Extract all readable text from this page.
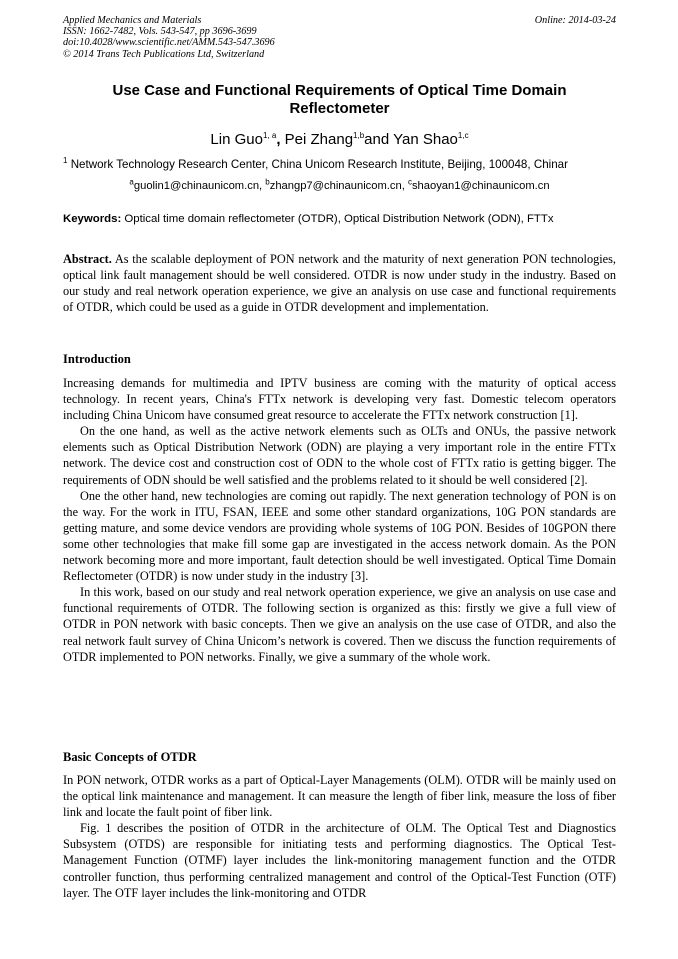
Applied Mechanics and Materials
ISSN: 1662-7482, Vols. 543-547, pp 3696-3699
doi:10.4028/www.scientific.net/AMM.543-547.3696
© 2014 Trans Tech Publications Ltd, Switzerland
Online: 2014-03-24
Use Case and Functional Requirements of Optical Time Domain Reflectometer
Lin Guo$^{1, a}$, Pei Zhang$^{1,b}$and Yan Shao$^{1,c}$
$^1$ Network Technology Research Center, China Unicom Research Institute, Beijing, 100048, Chinar
$^a$guolin1@chinaunicom.cn, $^b$zhangp7@chinaunicom.cn, $^c$shaoyan1@chinaunicom.cn
Keywords: Optical time domain reflectometer (OTDR), Optical Distribution Network (ODN), FTTx

Abstract. As the scalable deployment of PON network and the maturity of next generation PON technologies, optical link fault management should be well considered. OTDR is now under study in the industry. Based on our study and real network operation experience, we give an analysis on use case and functional requirements of OTDR, which could be used as a guide in OTDR development and implementation.

Introduction

Increasing demands for multimedia and IPTV business are coming with the maturity of optical access technology. In recent years, China's FTTx network is developing very fast. Domestic telecom operators including China Unicom have consumed great resource to accelerate the FTTx network construction [1].

On the one hand, as well as the active network elements such as OLTs and ONUs, the passive network elements such as Optical Distribution Network (ODN) are playing a very important role in the entire FTTx network. The device cost and construction cost of ODN to the whole cost of FTTx ratio is getting bigger. The requirements of ODN should be well satisfied and the problems related to it should be well considered [2].

One the other hand, new technologies are coming out rapidly. The next generation technology of PON is on the way. For the work in ITU, FSAN, IEEE and some other standard organizations, 10G PON standards are getting mature, and some device vendors are providing whole systems of 10G PON. Besides of 10GPON there some other technologies that make fill some gap are investigated in the access network domain. As the PON network becoming more and more important, fault detection should be well investigated. Optical Time Domain Reflectometer (OTDR) is now under study in the industry [3].

In this work, based on our study and real network operation experience, we give an analysis on use case and functional requirements of OTDR. The following section is organized as this: firstly we give a full view of OTDR in PON network with basic concepts. Then we give an analysis on the use case of OTDR, and also the real network fault survey of China Unicom’s network is covered. Then we discuss the function requirements of OTDR implemented to PON networks. Finally, we give a summary of the whole work.

Basic Concepts of OTDR

In PON network, OTDR works as a part of Optical-Layer Managements (OLM). OTDR will be mainly used on the optical link maintenance and management. It can measure the length of fiber link, measure the loss of fiber link and locate the fault point of fiber link.

Fig. 1 describes the position of OTDR in the architecture of OLM. The Optical Test and Diagnostics Subsystem (OTDS) are responsible for initiating tests and performing diagnostics. The Optical Test-Management Function (OTMF) layer includes the link-monitoring management function and the OTDR controller function, thus performing centralized management and control of the Optical-Test Function (OTF) layer. The OTF layer includes the link-monitoring and OTDR
